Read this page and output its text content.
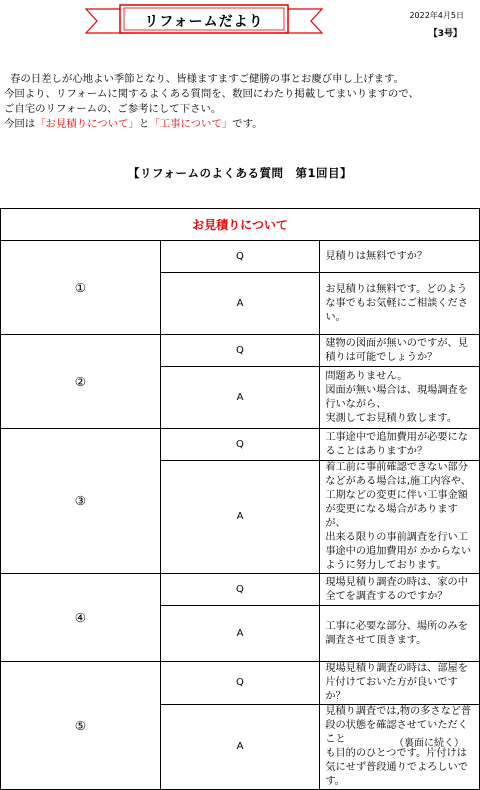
リフォームだより	2022年4月5日
【3号】
春の日差しが心地よい季節となり、皆様ますますご健勝の事とお慶び申し上げます。
今回より、リフォームに関するよくある質問を、数回にわたり掲載してまいりますので、
ご自宅のリフォームの、ご参考にして下さい。
今回は「お見積りについて」と「工事について」です。
【リフォームのよくある質問　第1回目】
お見積りについて		
①	Q	見積りは無料ですか？
	A	お見積りは無料です。どのような事でもお気軽にご相談ください。
②	Q	建物の図面が無いのですが、見積りは可能でしょうか？
	A	問題ありません。
図面が無い場合は、現場調査を行いながら、
実測してお見積り致します。
③	Q	工事途中で追加費用が必要になることはありますか？
	A	着工前に事前確認できない部分などがある場合は,施工内容や、
工期などの変更に伴い工事金額が変更になる場合がありますが、
出来る限りの事前調査を行い工事途中の追加費用が かからない
ように努力しております。
④	Q	現場見積り調査の時は、家の中全てを調査するのですか？
	A	工事に必要な部分、場所のみを調査させて頂きます。
⑤	Q	現場見積り調査の時は、部屋を片付けておいた方が良いですか？
	A	見積り調査では,物の多さなど普段の状態を確認させていただくこと
も目的のひとつです。片付けは気にせず普段通りでよろしいです。
（裏面に続く）
